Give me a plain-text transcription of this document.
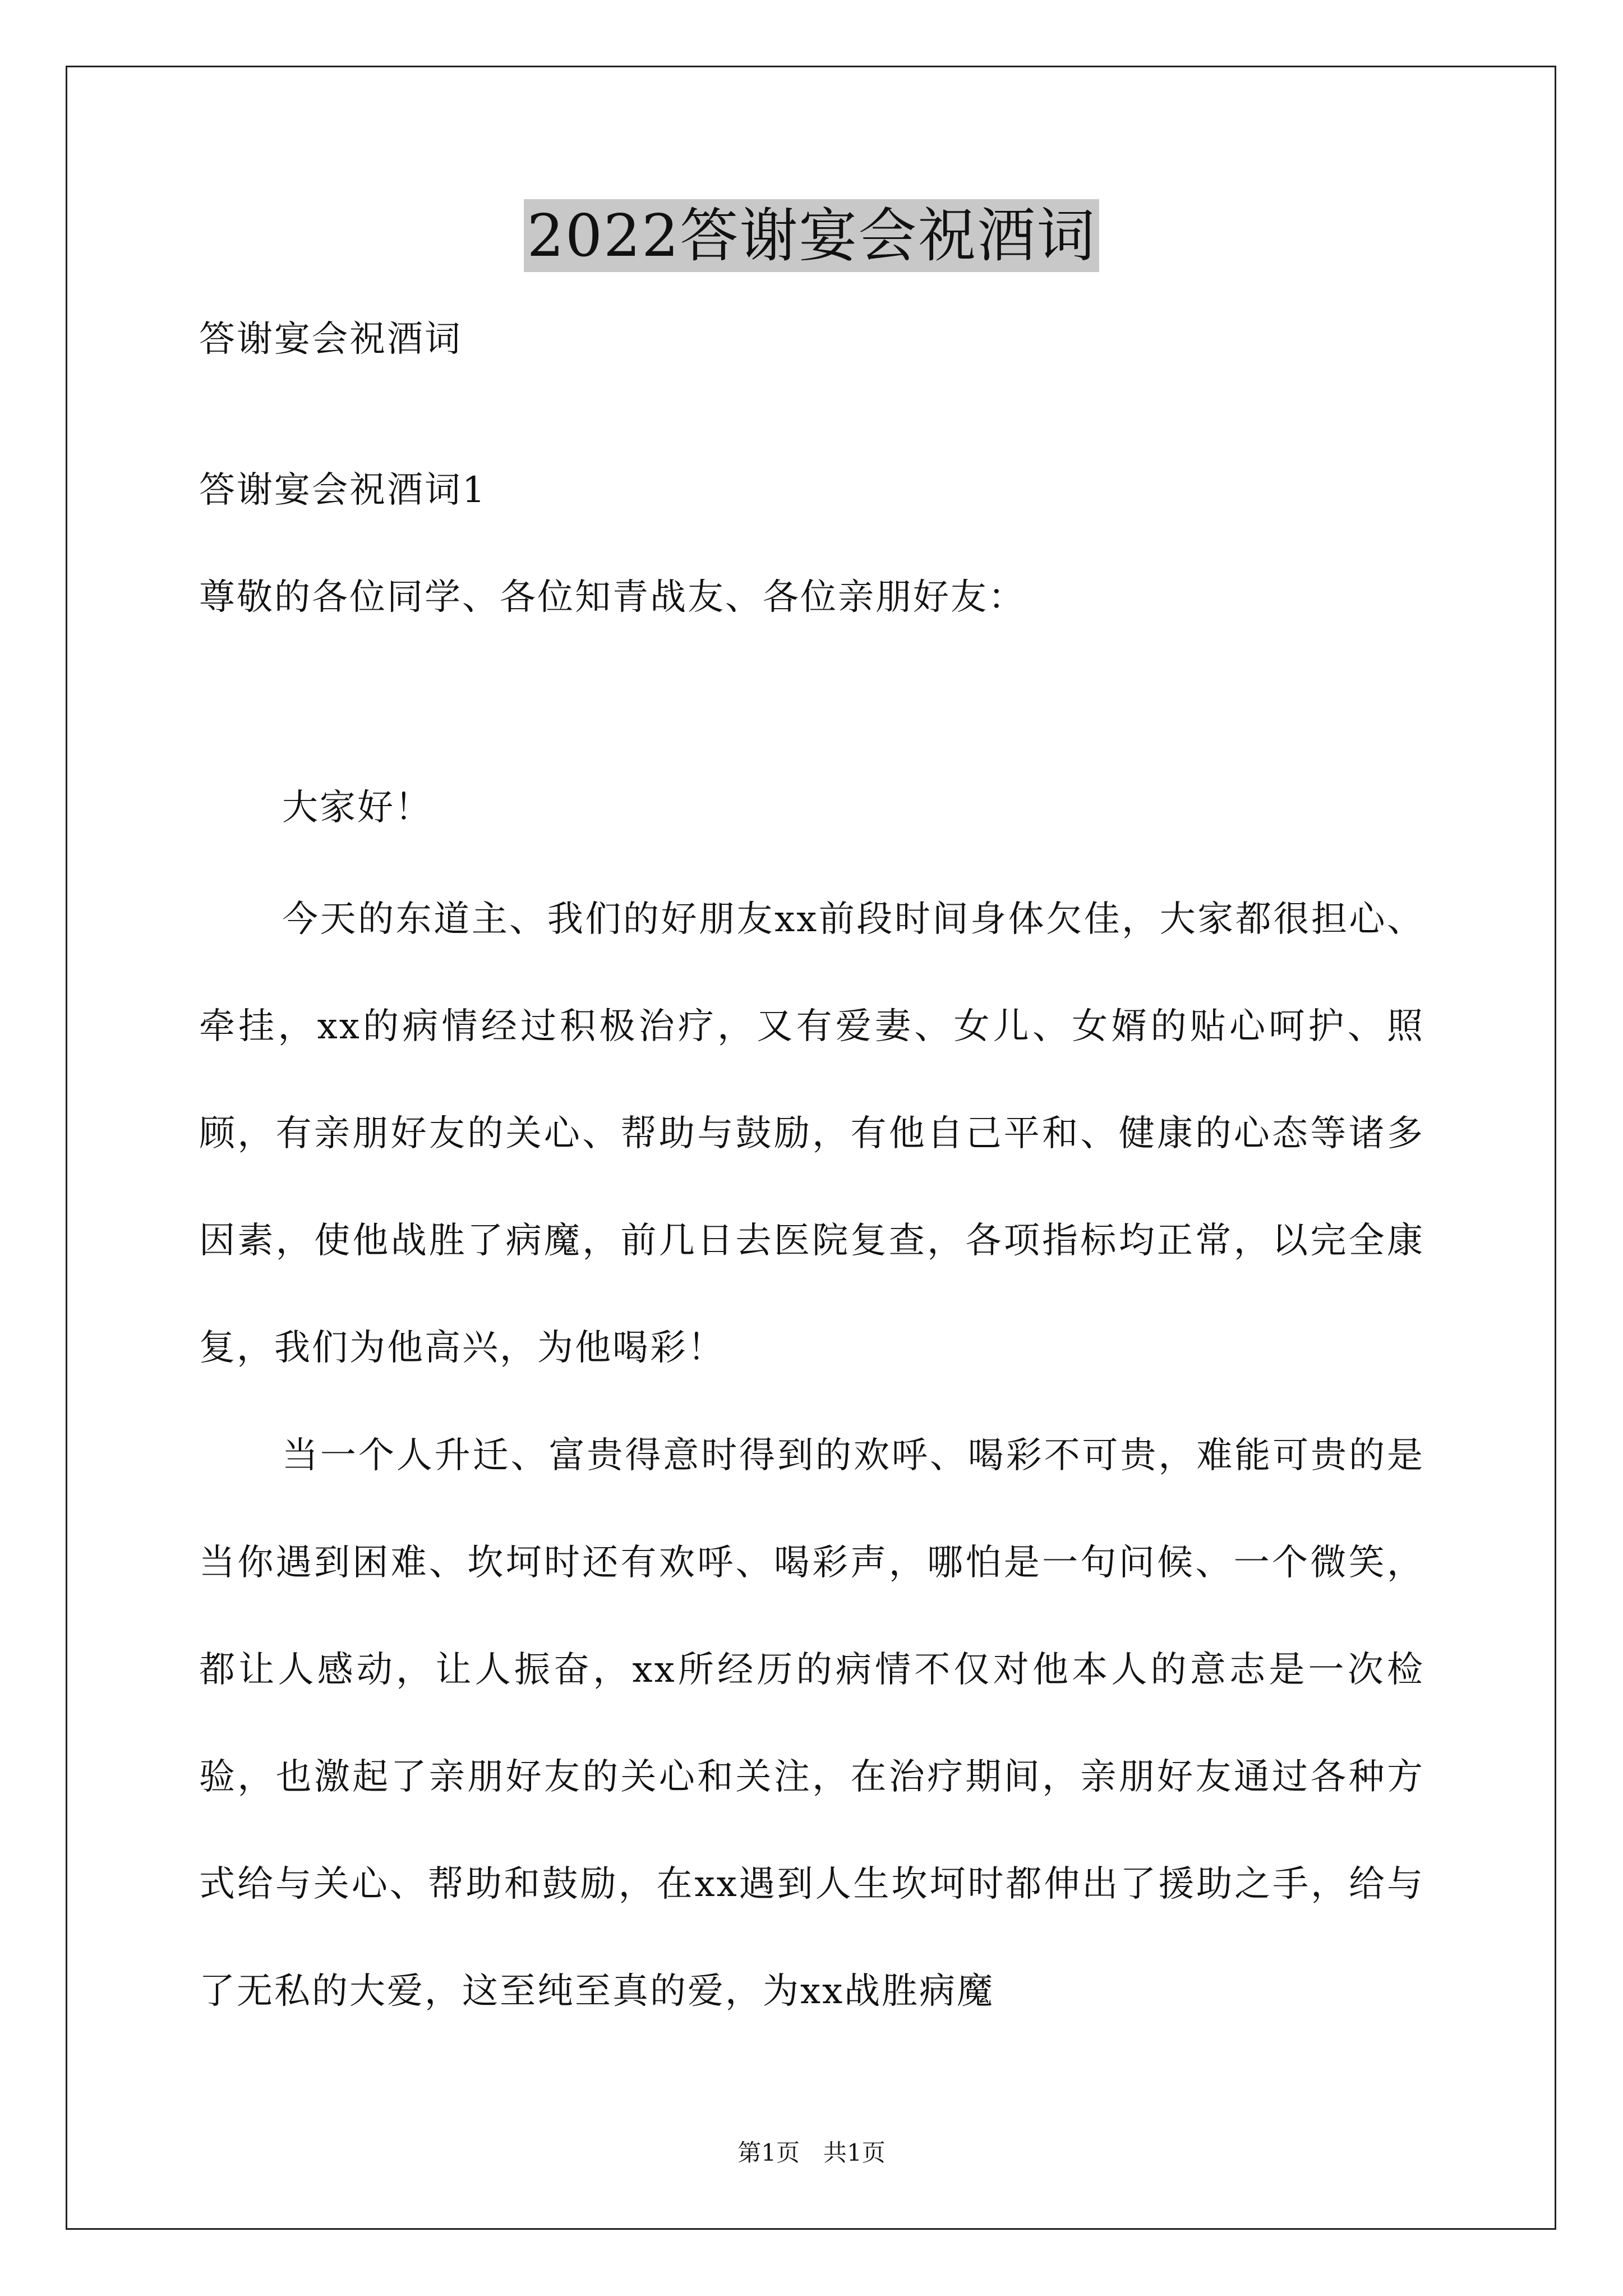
2022答谢宴会祝酒词
答谢宴会祝酒词
答谢宴会祝酒词1
尊敬的各位同学、各位知青战友、各位亲朋好友：
大家好！
今天的东道主、我们的好朋友xx前段时间身体欠佳，大家都很担心、牵挂，xx的病情经过积极治疗，又有爱妻、女儿、女婿的贴心呵护、照顾，有亲朋好友的关心、帮助与鼓励，有他自己平和、健康的心态等诸多因素，使他战胜了病魔，前几日去医院复查，各项指标均正常，以完全康复，我们为他高兴，为他喝彩！
当一个人升迁、富贵得意时得到的欢呼、喝彩不可贵，难能可贵的是当你遇到困难、坎坷时还有欢呼、喝彩声，哪怕是一句问候、一个微笑，都让人感动，让人振奋，xx所经历的病情不仅对他本人的意志是一次检验，也激起了亲朋好友的关心和关注，在治疗期间，亲朋好友通过各种方式给与关心、帮助和鼓励，在xx遇到人生坎坷时都伸出了援助之手，给与了无私的大爱，这至纯至真的爱，为xx战胜病魔
第1页　共1页
